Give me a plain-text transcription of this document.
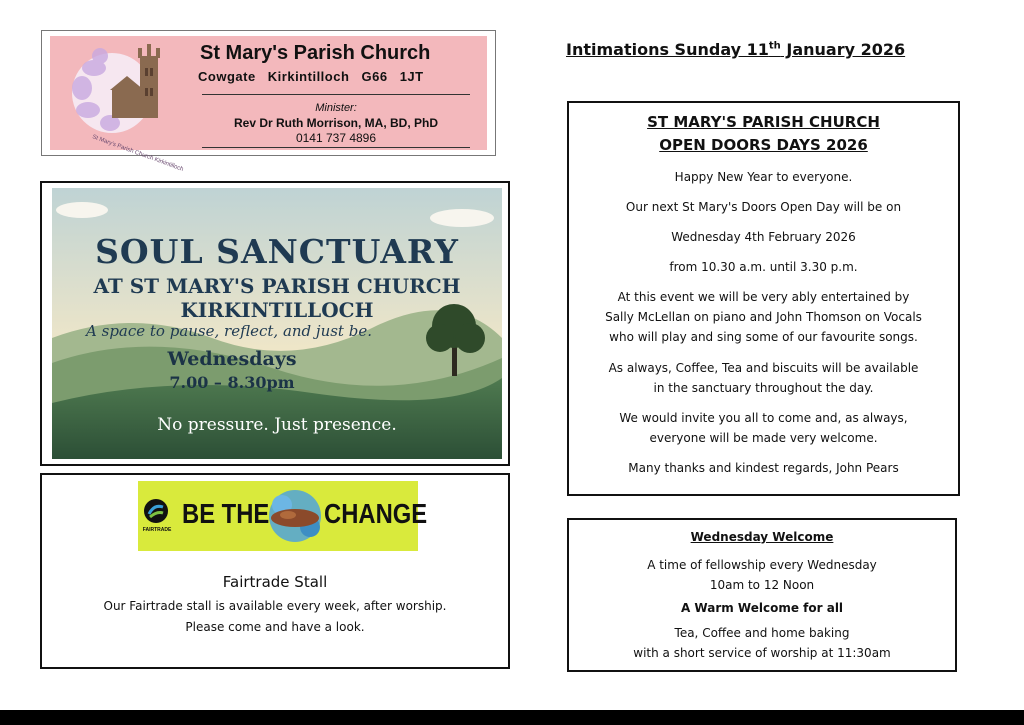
St Mary's Parish Church Kirkintilloch
St Mary's Parish Church
Cowgate Kirkintilloch G66 1JT
Minister:
Rev Dr Ruth Morrison, MA, BD, PhD
0141 737 4896
SOUL SANCTUARY
AT ST MARY'S PARISH CHURCH
KIRKINTILLOCH
A space to pause, reflect, and just be.
Wednesdays
7.00 – 8.30pm
No pressure. Just presence.
FAIRTRADE
BE THE CHANGE
Fairtrade Stall
Our Fairtrade stall is available every week, after worship.
Please come and have a look.
Intimations Sunday 11th January 2026
ST MARY'S PARISH CHURCH
OPEN DOORS DAYS 2026
Happy New Year to everyone.
Our next St Mary's Doors Open Day will be on
Wednesday 4th February 2026
from 10.30 a.m. until 3.30 p.m.
At this event we will be very ably entertained by
Sally McLellan on piano and John Thomson on Vocals
who will play and sing some of our favourite songs.
As always, Coffee, Tea and biscuits will be available
in the sanctuary throughout the day.
We would invite you all to come and, as always,
everyone will be made very welcome.
Many thanks and kindest regards, John Pears
Wednesday Welcome
A time of fellowship every Wednesday
10am to 12 Noon
A Warm Welcome for all
Tea, Coffee and home baking
with a short service of worship at 11:30am
